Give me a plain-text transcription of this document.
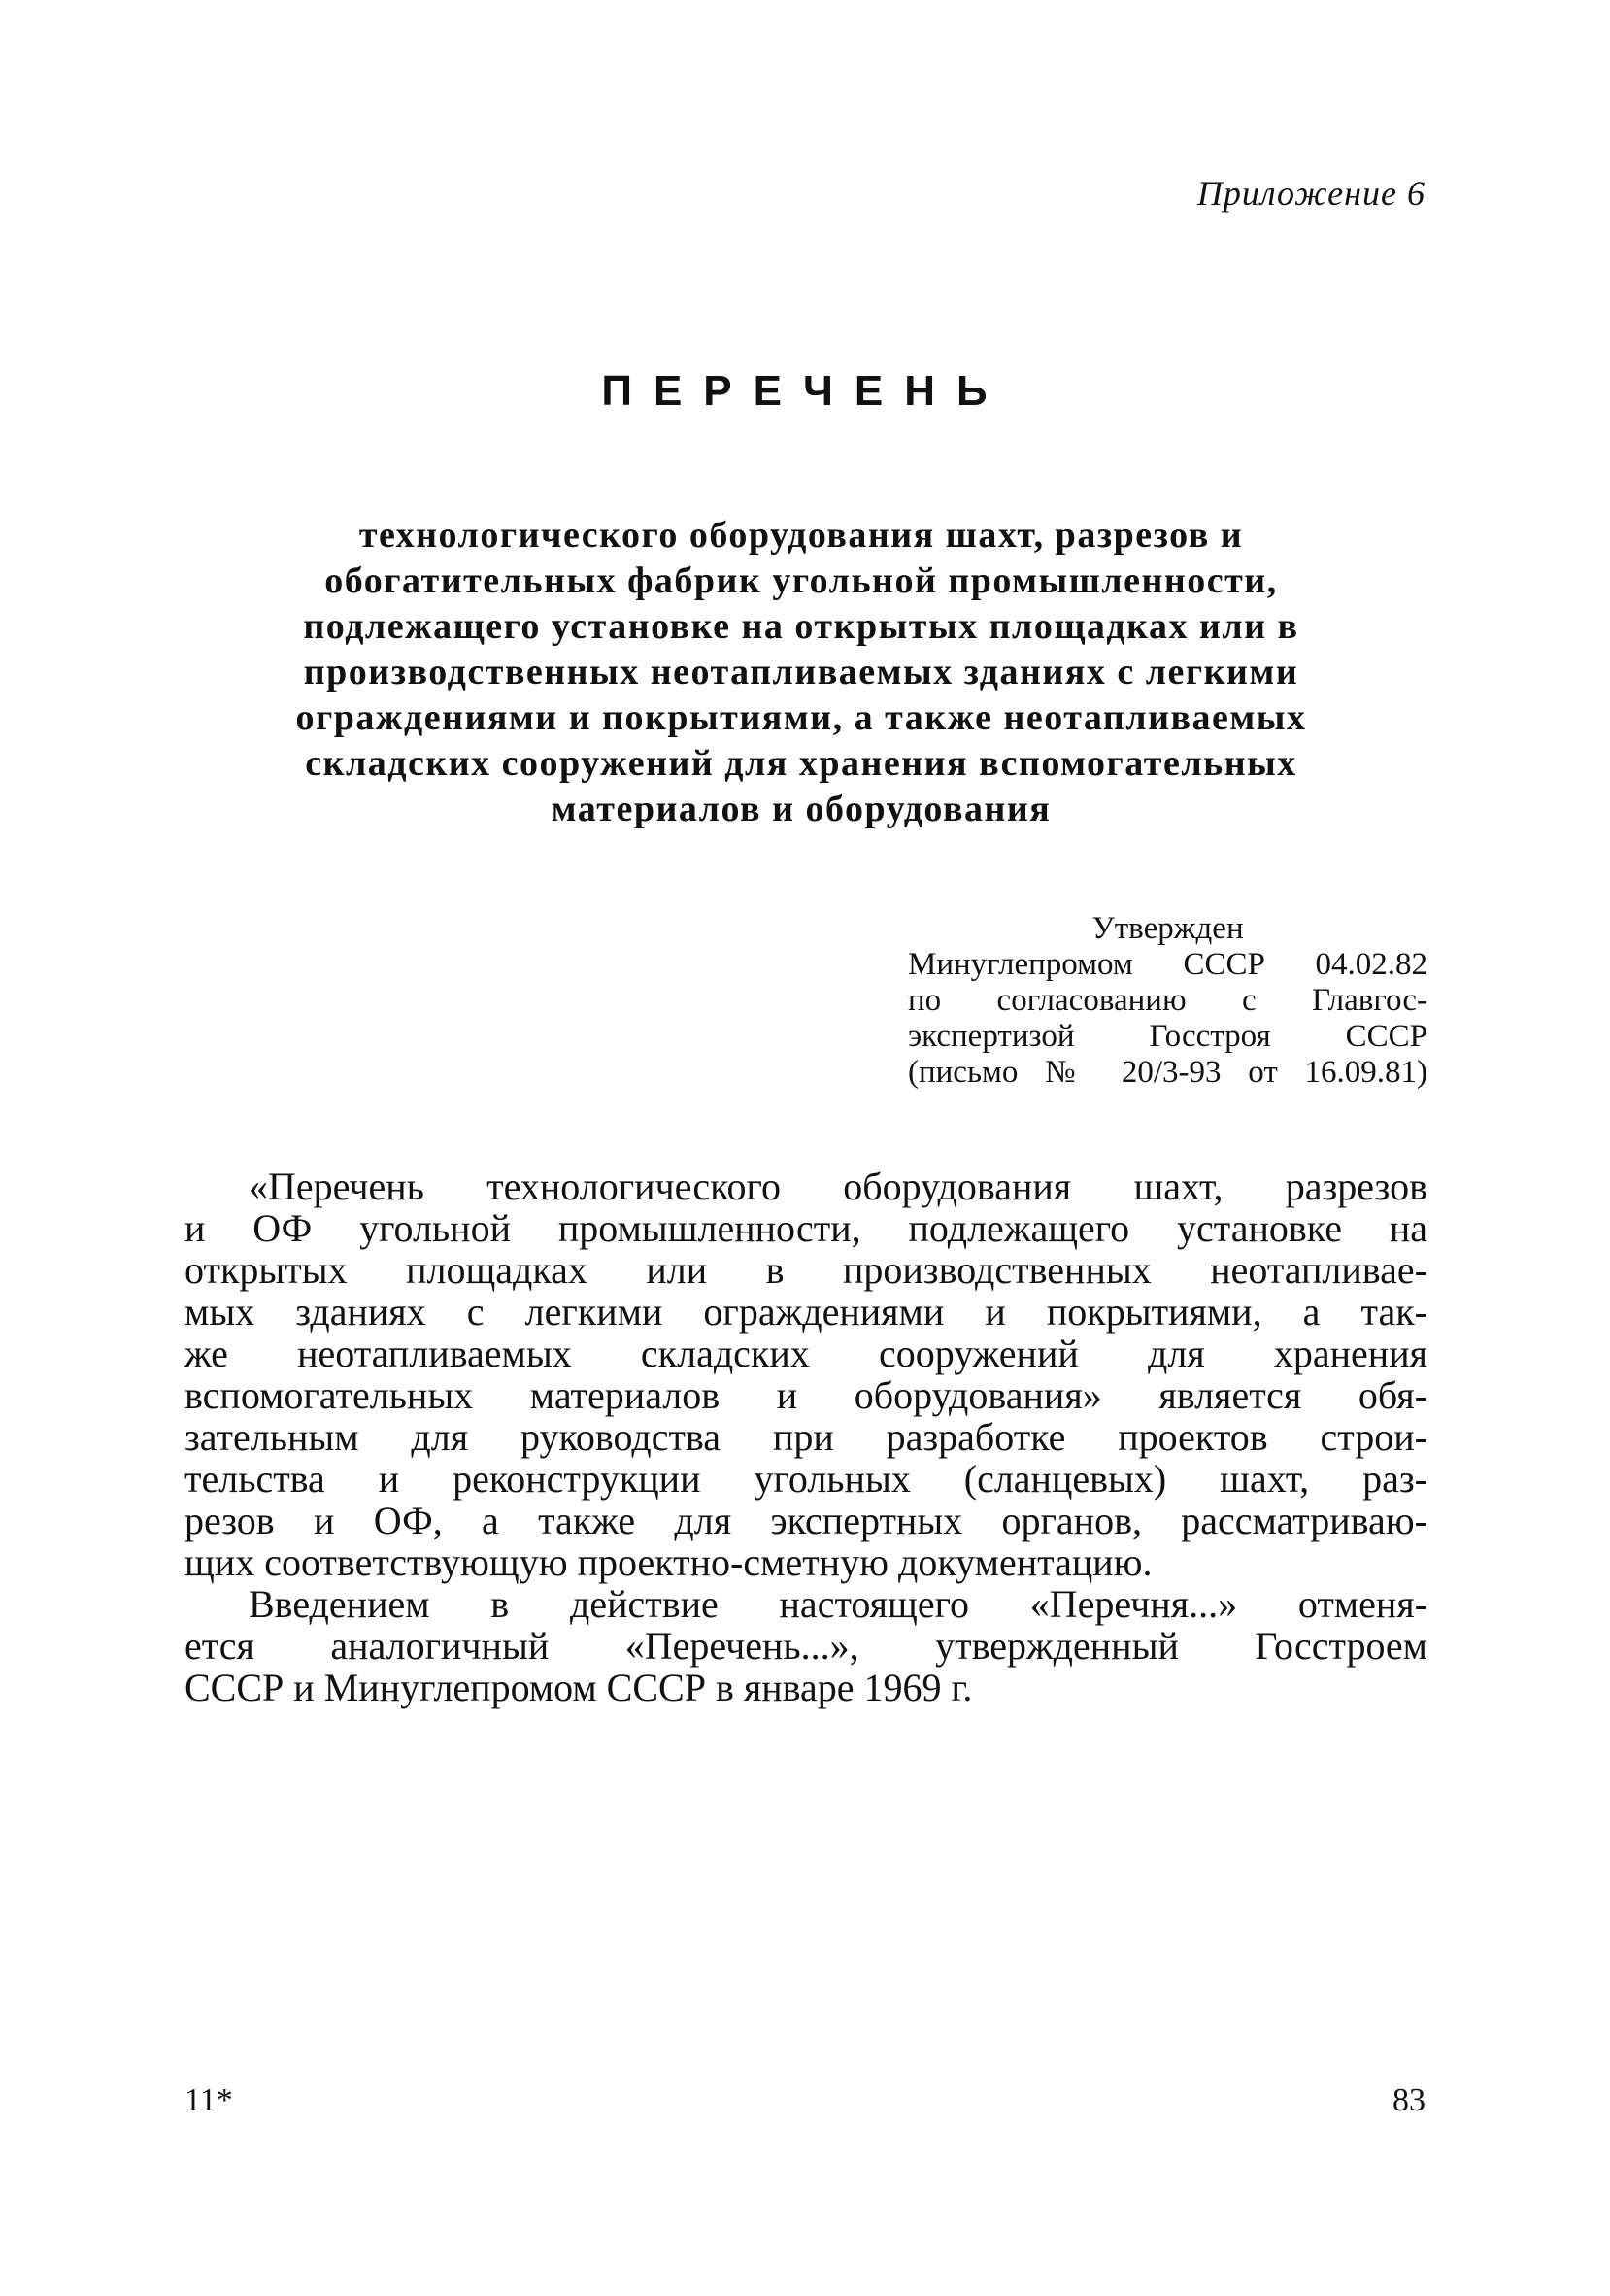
Приложение 6
ПЕРЕЧЕНЬ
технологического оборудования шахт, разрезов и
обогатительных фабрик угольной промышленности,
подлежащего установке на открытых площадках или в
производственных неотапливаемых зданиях с легкими
ограждениями и покрытиями, а также неотапливаемых
складских сооружений для хранения вспомогательных
материалов и оборудования
Утвержден
Минуглепромом СССР 04.02.82
по согласованию с Главгос-
экспертизой Госстроя СССР
(письмо № 20/3-93 от 16.09.81)
«Перечень технологического оборудования шахт, разрезов
и ОФ угольной промышленности, подлежащего установке на
открытых площадках или в производственных неотапливае-
мых зданиях с легкими ограждениями и покрытиями, а так-
же неотапливаемых складских сооружений для хранения
вспомогательных материалов и оборудования» является обя-
зательным для руководства при разработке проектов строи-
тельства и реконструкции угольных (сланцевых) шахт, раз-
резов и ОФ, а также для экспертных органов, рассматриваю-
щих соответствующую проектно-сметную документацию.
Введением в действие настоящего «Перечня...» отменя-
ется аналогичный «Перечень...», утвержденный Госстроем
СССР и Минуглепромом СССР в январе 1969 г.
11*	83
